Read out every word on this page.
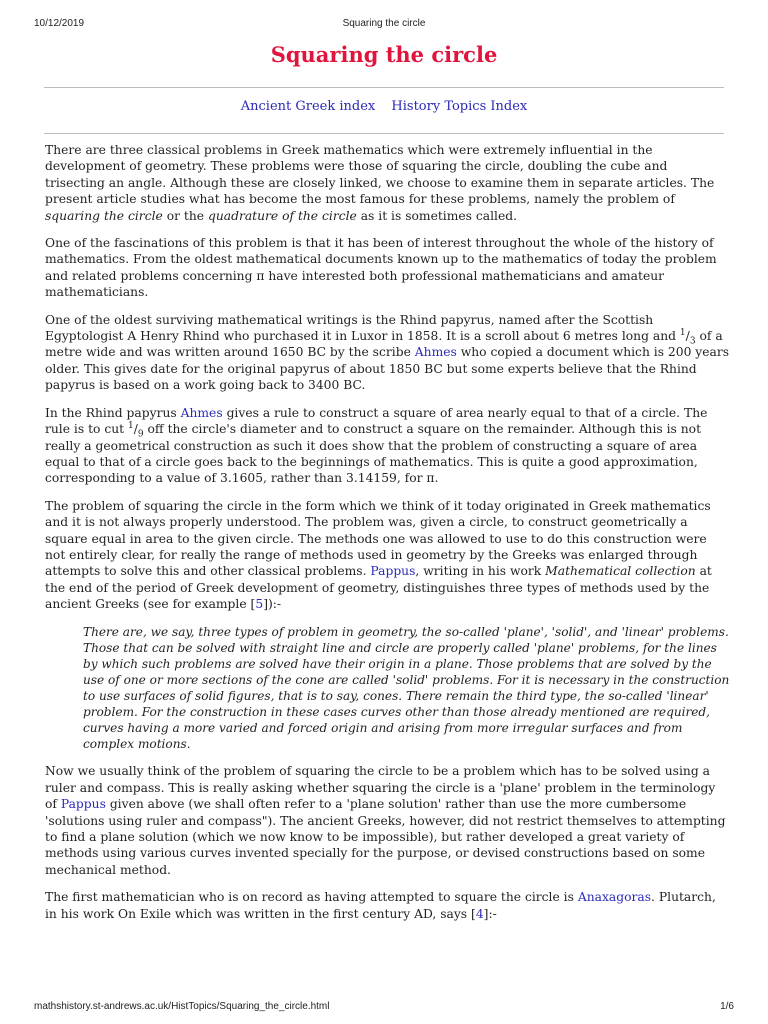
10/12/2019	Squaring the circle
Squaring the circle
Ancient Greek index History Topics Index

There are three classical problems in Greek mathematics which were extremely influential in the development of geometry. These problems were those of squaring the circle, doubling the cube and trisecting an angle. Although these are closely linked, we choose to examine them in separate articles. The present article studies what has become the most famous for these problems, namely the problem of squaring the circle or the quadrature of the circle as it is sometimes called.

One of the fascinations of this problem is that it has been of interest throughout the whole of the history of mathematics. From the oldest mathematical documents known up to the mathematics of today the problem and related problems concerning π have interested both professional mathematicians and amateur mathematicians.

One of the oldest surviving mathematical writings is the Rhind papyrus, named after the Scottish Egyptologist A Henry Rhind who purchased it in Luxor in 1858. It is a scroll about 6 metres long and $^1/_3$ of a metre wide and was written around 1650 BC by the scribe Ahmes who copied a document which is 200 years older. This gives date for the original papyrus of about 1850 BC but some experts believe that the Rhind papyrus is based on a work going back to 3400 BC.

In the Rhind papyrus Ahmes gives a rule to construct a square of area nearly equal to that of a circle. The rule is to cut $^1/_9$ off the circle's diameter and to construct a square on the remainder. Although this is not really a geometrical construction as such it does show that the problem of constructing a square of area equal to that of a circle goes back to the beginnings of mathematics. This is quite a good approximation, corresponding to a value of 3.1605, rather than 3.14159, for π.

The problem of squaring the circle in the form which we think of it today originated in Greek mathematics and it is not always properly understood. The problem was, given a circle, to construct geometrically a square equal in area to the given circle. The methods one was allowed to use to do this construction were not entirely clear, for really the range of methods used in geometry by the Greeks was enlarged through attempts to solve this and other classical problems. Pappus, writing in his work Mathematical collection at the end of the period of Greek development of geometry, distinguishes three types of methods used by the ancient Greeks (see for example [5]):-

There are, we say, three types of problem in geometry, the so-called 'plane', 'solid', and 'linear' problems. Those that can be solved with straight line and circle are properly called 'plane' problems, for the lines by which such problems are solved have their origin in a plane. Those problems that are solved by the use of one or more sections of the cone are called 'solid' problems. For it is necessary in the construction to use surfaces of solid figures, that is to say, cones. There remain the third type, the so-called 'linear' problem. For the construction in these cases curves other than those already mentioned are required, curves having a more varied and forced origin and arising from more irregular surfaces and from complex motions.

Now we usually think of the problem of squaring the circle to be a problem which has to be solved using a ruler and compass. This is really asking whether squaring the circle is a 'plane' problem in the terminology of Pappus given above (we shall often refer to a 'plane solution' rather than use the more cumbersome 'solutions using ruler and compass"). The ancient Greeks, however, did not restrict themselves to attempting to find a plane solution (which we now know to be impossible), but rather developed a great variety of methods using various curves invented specially for the purpose, or devised constructions based on some mechanical method.

The first mathematician who is on record as having attempted to square the circle is Anaxagoras. Plutarch, in his work On Exile which was written in the first century AD, says [4]:-

mathshistory.st-andrews.ac.uk/HistTopics/Squaring_the_circle.html	1/6
